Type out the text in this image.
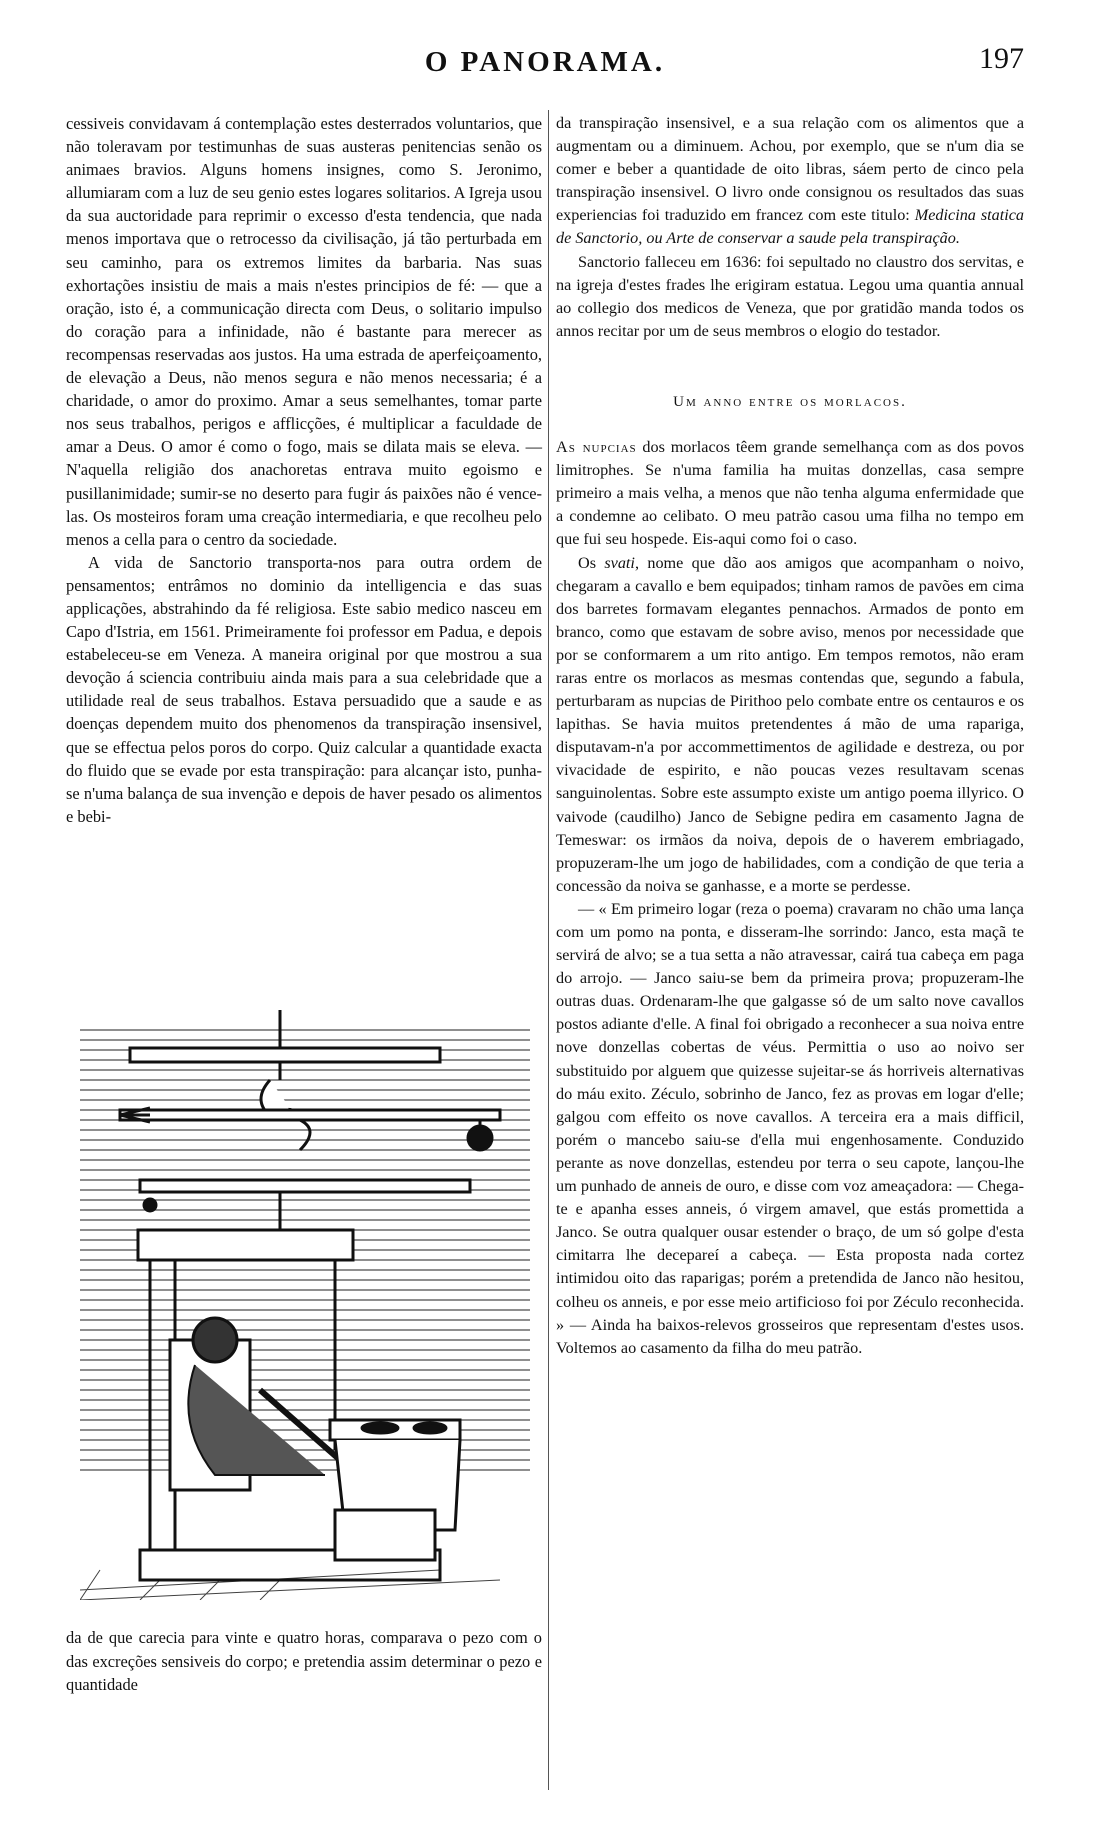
O PANORAMA.	197

cessiveis convidavam á contemplação estes desterrados voluntarios, que não toleravam por testimunhas de suas austeras penitencias senão os animaes bravios. Alguns homens insignes, como S. Jeronimo, allumiaram com a luz de seu genio estes logares solitarios. A Igreja usou da sua auctoridade para reprimir o excesso d'esta tendencia, que nada menos importava que o retrocesso da civilisação, já tão perturbada em seu caminho, para os extremos limites da barbaria. Nas suas exhortações insistiu de mais a mais n'estes principios de fé: — que a oração, isto é, a communicação directa com Deus, o solitario impulso do coração para a infinidade, não é bastante para merecer as recompensas reservadas aos justos. Ha uma estrada de aperfeiçoamento, de elevação a Deus, não menos segura e não menos necessaria; é a charidade, o amor do proximo. Amar a seus semelhantes, tomar parte nos seus trabalhos, perigos e afflicções, é multiplicar a faculdade de amar a Deus. O amor é como o fogo, mais se dilata mais se eleva. — N'aquella religião dos anachoretas entrava muito egoismo e pusillanimidade; sumir-se no deserto para fugir ás paixões não é vence-las. Os mosteiros foram uma creação intermediaria, e que recolheu pelo menos a cella para o centro da sociedade.

A vida de Sanctorio transporta-nos para outra ordem de pensamentos; entrâmos no dominio da intelligencia e das suas applicações, abstrahindo da fé religiosa. Este sabio medico nasceu em Capo d'Istria, em 1561. Primeiramente foi professor em Padua, e depois estabeleceu-se em Veneza. A maneira original por que mostrou a sua devoção á sciencia contribuiu ainda mais para a sua celebridade que a utilidade real de seus trabalhos. Estava persuadido que a saude e as doenças dependem muito dos phenomenos da transpiração insensivel, que se effectua pelos poros do corpo. Quiz calcular a quantidade exacta do fluido que se evade por esta transpiração: para alcançar isto, punha-se n'uma balança de sua invenção e depois de haver pesado os alimentos e bebi-

da de que carecia para vinte e quatro horas, comparava o pezo com o das excreções sensiveis do corpo; e pretendia assim determinar o pezo e quantidade

da transpiração insensivel, e a sua relação com os alimentos que a augmentam ou a diminuem. Achou, por exemplo, que se n'um dia se comer e beber a quantidade de oito libras, sáem perto de cinco pela transpiração insensivel. O livro onde consignou os resultados das suas experiencias foi traduzido em francez com este titulo: Medicina statica de Sanctorio, ou Arte de conservar a saude pela transpiração.

Sanctorio falleceu em 1636: foi sepultado no claustro dos servitas, e na igreja d'estes frades lhe erigiram estatua. Legou uma quantia annual ao collegio dos medicos de Veneza, que por gratidão manda todos os annos recitar por um de seus membros o elogio do testador.

Um anno entre os morlacos.

As nupcias dos morlacos têem grande semelhança com as dos povos limitrophes. Se n'uma familia ha muitas donzellas, casa sempre primeiro a mais velha, a menos que não tenha alguma enfermidade que a condemne ao celibato. O meu patrão casou uma filha no tempo em que fui seu hospede. Eis-aqui como foi o caso.

Os svati, nome que dão aos amigos que acompanham o noivo, chegaram a cavallo e bem equipados; tinham ramos de pavões em cima dos barretes formavam elegantes pennachos. Armados de ponto em branco, como que estavam de sobre aviso, menos por necessidade que por se conformarem a um rito antigo. Em tempos remotos, não eram raras entre os morlacos as mesmas contendas que, segundo a fabula, perturbaram as nupcias de Pirithoo pelo combate entre os centauros e os lapithas. Se havia muitos pretendentes á mão de uma rapariga, disputavam-n'a por accommettimentos de agilidade e destreza, ou por vivacidade de espirito, e não poucas vezes resultavam scenas sanguinolentas. Sobre este assumpto existe um antigo poema illyrico. O vaivode (caudilho) Janco de Sebigne pedira em casamento Jagna de Temeswar: os irmãos da noiva, depois de o haverem embriagado, propuzeram-lhe um jogo de habilidades, com a condição de que teria a concessão da noiva se ganhasse, e a morte se perdesse.

— « Em primeiro logar (reza o poema) cravaram no chão uma lança com um pomo na ponta, e disseram-lhe sorrindo: Janco, esta maçã te servirá de alvo; se a tua setta a não atravessar, cairá tua cabeça em paga do arrojo. — Janco saiu-se bem da primeira prova; propuzeram-lhe outras duas. Ordenaram-lhe que galgasse só de um salto nove cavallos postos adiante d'elle. A final foi obrigado a reconhecer a sua noiva entre nove donzellas cobertas de véus. Permittia o uso ao noivo ser substituido por alguem que quizesse sujeitar-se ás horriveis alternativas do máu exito. Zéculo, sobrinho de Janco, fez as provas em logar d'elle; galgou com effeito os nove cavallos. A terceira era a mais difficil, porém o mancebo saiu-se d'ella mui engenhosamente. Conduzido perante as nove donzellas, estendeu por terra o seu capote, lançou-lhe um punhado de anneis de ouro, e disse com voz ameaçadora: — Chega-te e apanha esses anneis, ó virgem amavel, que estás promettida a Janco. Se outra qualquer ousar estender o braço, de um só golpe d'esta cimitarra lhe decepareí a cabeça. — Esta proposta nada cortez intimidou oito das raparigas; porém a pretendida de Janco não hesitou, colheu os anneis, e por esse meio artificioso foi por Zéculo reconhecida. » — Ainda ha baixos-relevos grosseiros que representam d'estes usos. Voltemos ao casamento da filha do meu patrão.
